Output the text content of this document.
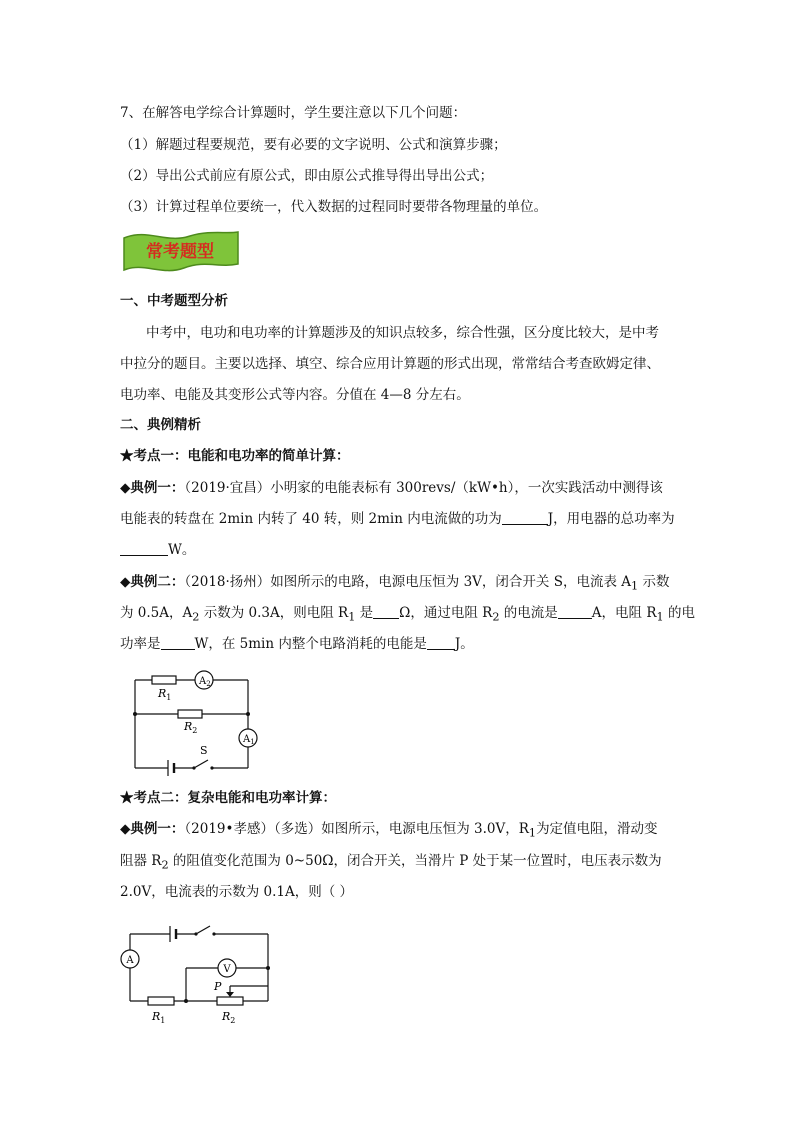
7、在解答电学综合计算题时，学生要注意以下几个问题：
（1）解题过程要规范，要有必要的文字说明、公式和演算步骤；
（2）导出公式前应有原公式，即由原公式推导得出导出公式；
（3）计算过程单位要统一，代入数据的过程同时要带各物理量的单位。
常考题型
一、中考题型分析
中考中，电功和电功率的计算题涉及的知识点较多，综合性强，区分度比较大，是中考
中拉分的题目。主要以选择、填空、综合应用计算题的形式出现，常常结合考查欧姆定律、
电功率、电能及其变形公式等内容。分值在 4—8 分左右。
二、典例精析
★考点一：电能和电功率的简单计算：
◆典例一：（2019·宜昌）小明家的电能表标有 300revs/（kW•h），一次实践活动中测得该
电能表的转盘在 2min 内转了 40 转，则 2min 内电流做的功为	J，用电器的总功率为
W。
◆典例二：（2018·扬州）如图所示的电路，电源电压恒为 3V，闭合开关 S，电流表 $A_1$ 示数
为 0.5A，$A_2$ 示数为 0.3A，则电阻 $R_1$ 是 Ω，通过电阻 $R_2$ 的电流是	A，电阻 $R_1$ 的电
功率是	W，在 5min 内整个电路消耗的电能是 J。
$R_1$
$R_2$
$A_2$
$A_1$
S
★考点二：复杂电能和电功率计算：
◆典例一：（2019•孝感）（多选）如图所示，电源电压恒为 3.0V，$R_1$为定值电阻，滑动变
阻器 $R_2$ 的阻值变化范围为 0~50Ω，闭合开关，当滑片 P 处于某一位置时，电压表示数为
2.0V，电流表的示数为 0.1A，则（ ）
A
V
P
$R_1$	$R_2$
